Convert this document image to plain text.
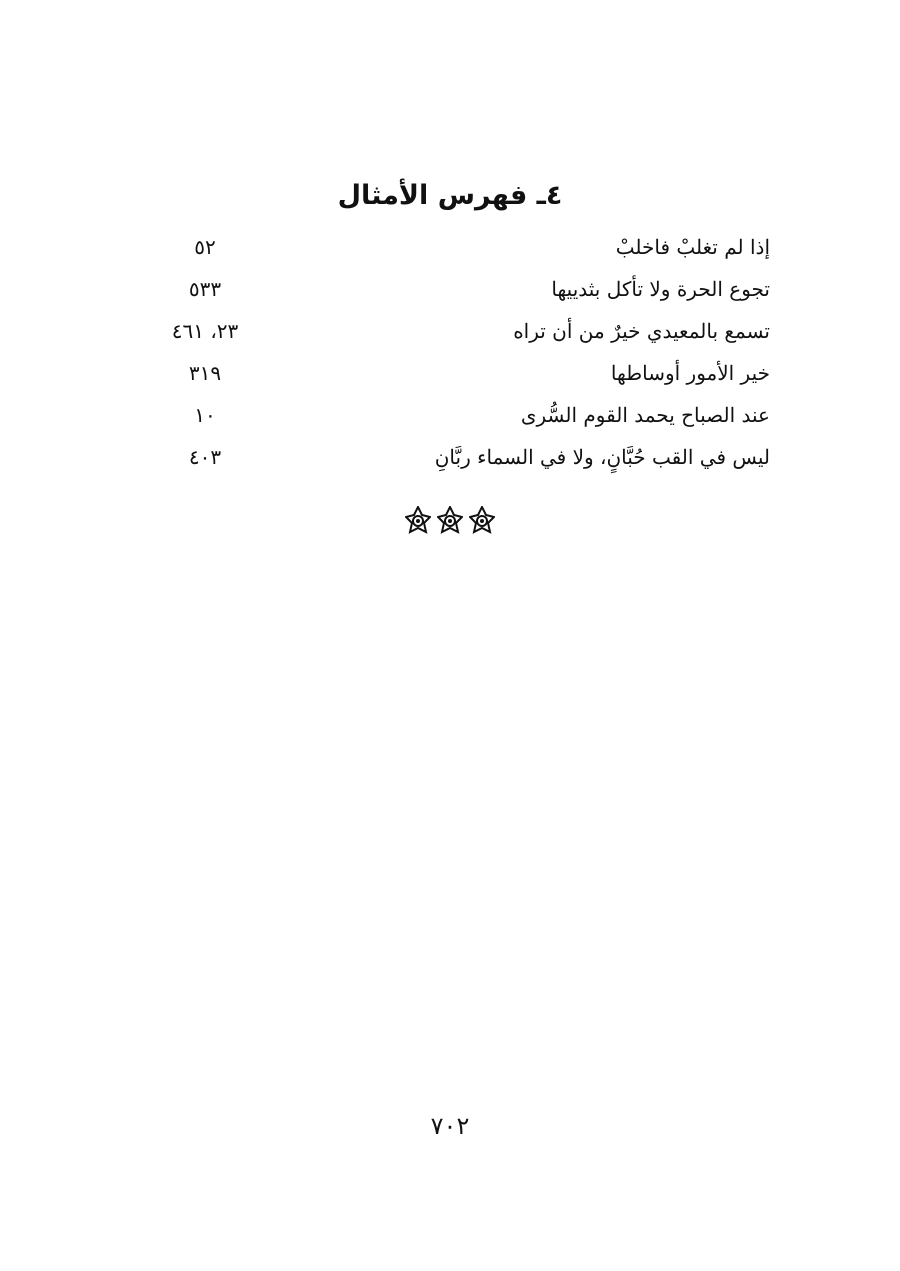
٤ـ فهرس الأمثال
إذا لم تغلبْ فاخلبْ
٥٢
تجوع الحرة ولا تأكل بثدييها
٥٣٣
تسمع بالمعيدي خيرٌ من أن تراه
٢٣، ٤٦١
خير الأمور أوساطها
٣١٩
عند الصباح يحمد القوم السُّرى
١٠
ليس في القب حُبَّانٍ، ولا في السماء ربَّانِ
٤٠٣
٧٠٢
